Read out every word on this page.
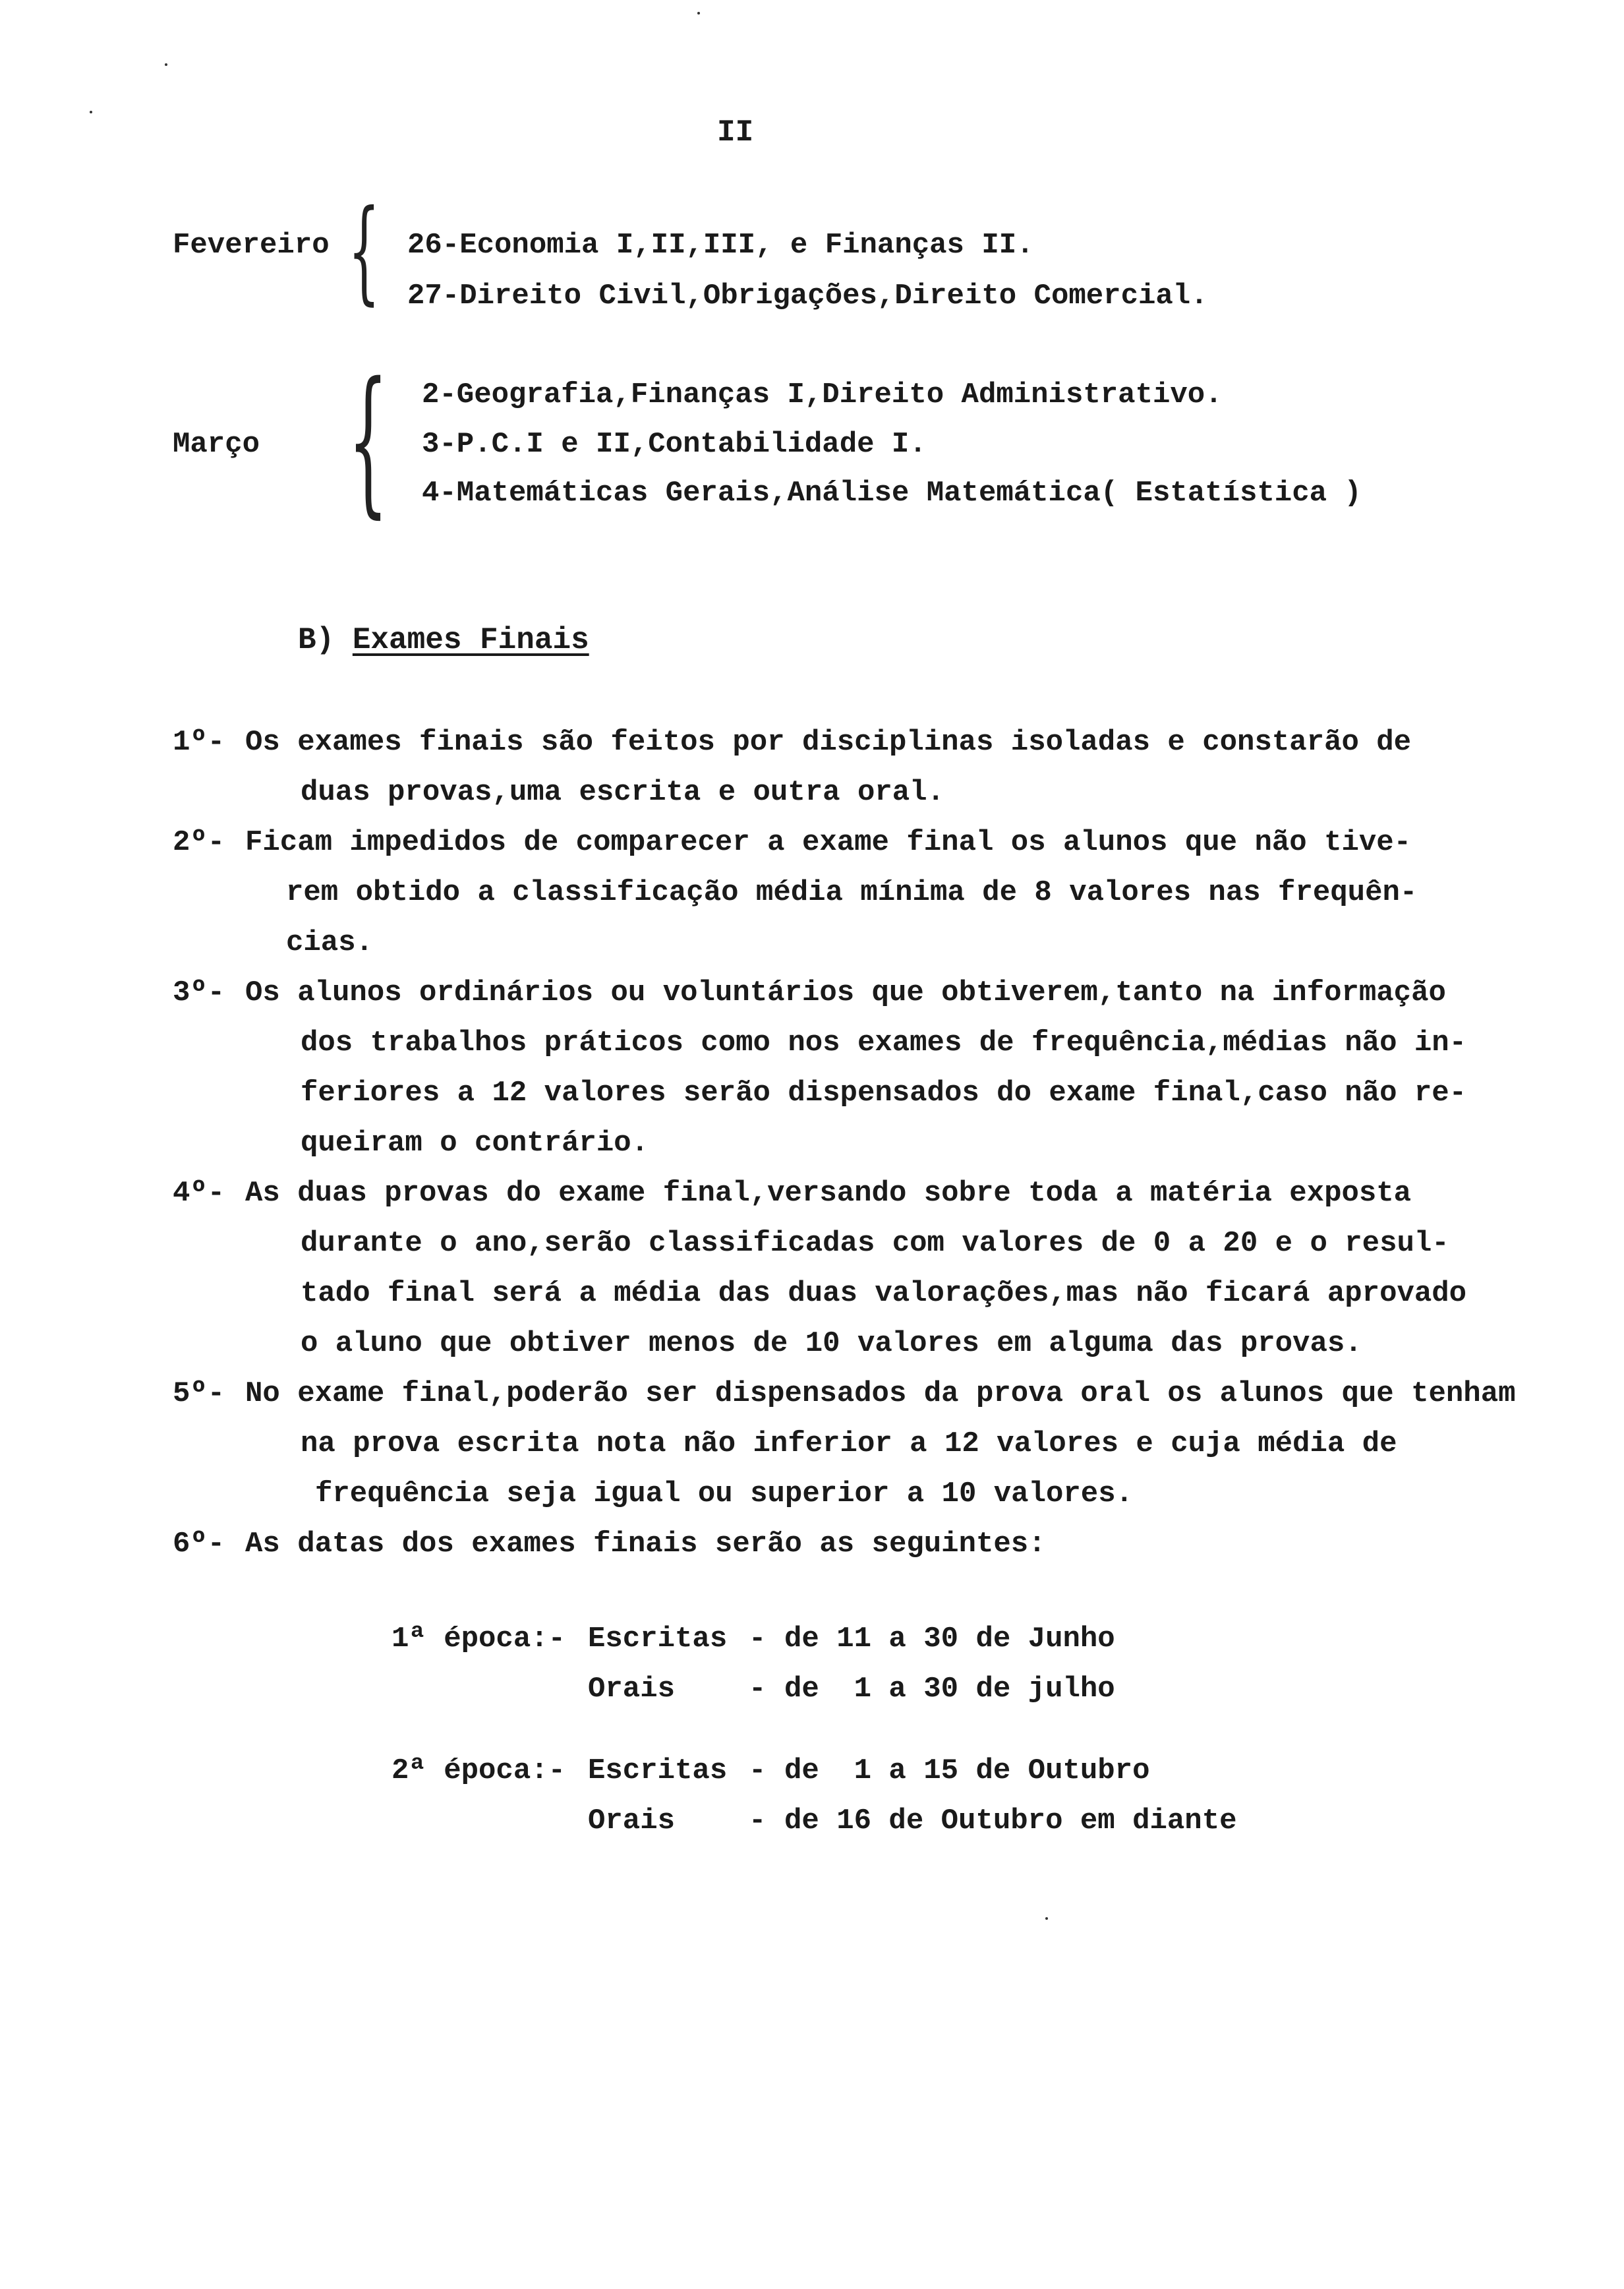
II
Fevereiro { 26-Economia I,II,III, e Finanças II.
27-Direito Civil,Obrigações,Direito Comercial.
Março { 2-Geografia,Finanças I,Direito Administrativo.
3-P.C.I e II,Contabilidade I.
4-Matemáticas Gerais,Análise Matemática( Estatística )
B) Exames Finais
1º- Os exames finais são feitos por disciplinas isoladas e constarão de
duas provas,uma escrita e outra oral.
2º- Ficam impedidos de comparecer a exame final os alunos que não tive-
rem obtido a classificação média mínima de 8 valores nas frequên-
cias.
3º- Os alunos ordinários ou voluntários que obtiverem,tanto na informação
dos trabalhos práticos como nos exames de frequência,médias não in-
feriores a 12 valores serão dispensados do exame final,caso não re-
queiram o contrário.
4º- As duas provas do exame final,versando sobre toda a matéria exposta
durante o ano,serão classificadas com valores de 0 a 20 e o resul-
tado final será a média das duas valorações,mas não ficará aprovado
o aluno que obtiver menos de 10 valores em alguma das provas.
5º- No exame final,poderão ser dispensados da prova oral os alunos que tenham
na prova escrita nota não inferior a 12 valores e cuja média de
frequência seja igual ou superior a 10 valores.
6º- As datas dos exames finais serão as seguintes:
1ª época:- Escritas - de 11 a 30 de Junho
Orais	- de  1 a 30 de julho
2ª época:- Escritas - de  1 a 15 de Outubro
Orais	- de 16 de Outubro em diante
